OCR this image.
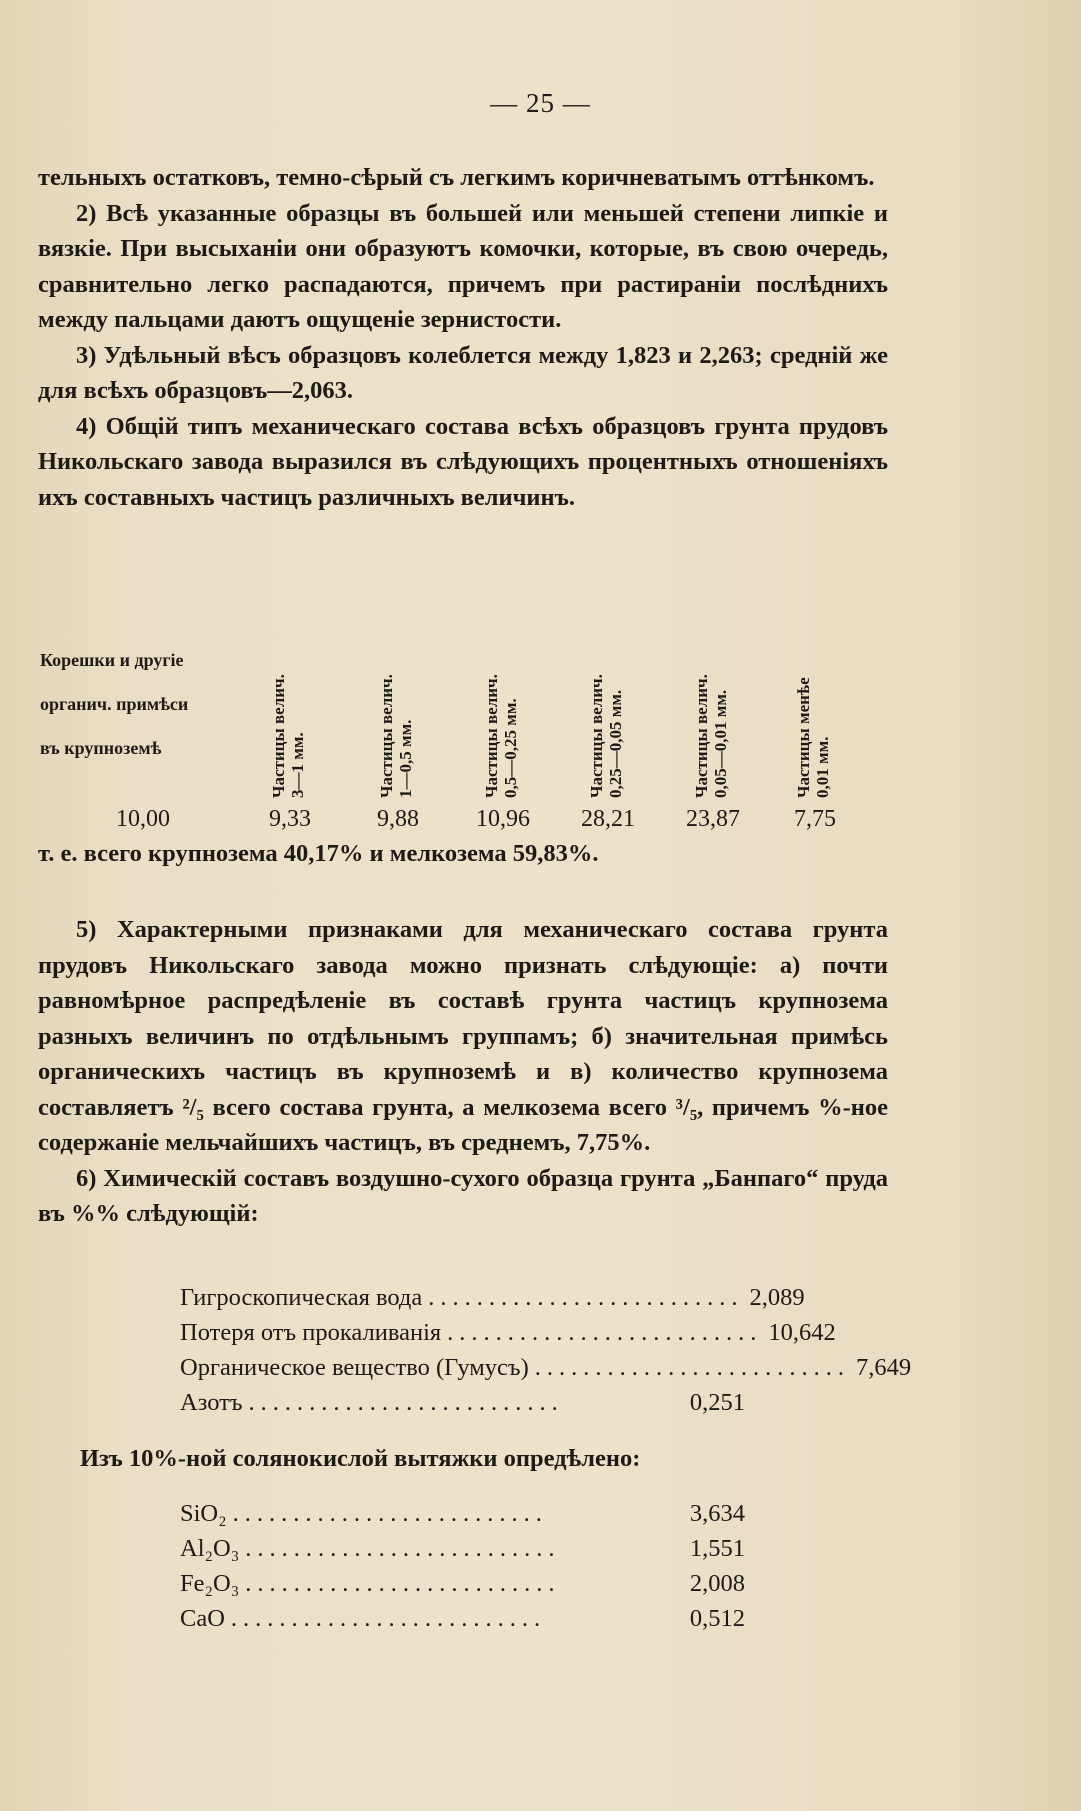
— 25 —

тельныхъ остатковъ, темно-сѣрый съ легкимъ коричневатымъ оттѣнкомъ.

2) Всѣ указанные образцы въ большей или меньшей степени липкіе и вязкіе. При высыханіи они образуютъ комочки, которые, въ свою очередь, сравнительно легко распадаются, причемъ при растираніи послѣднихъ между пальцами даютъ ощущеніе зернистости.

3) Удѣльный вѣсъ образцовъ колеблется между 1,823 и 2,263; средній же для всѣхъ образцовъ—2,063.

4) Общій типъ механическаго состава всѣхъ образцовъ грунта прудовъ Никольскаго завода выразился въ слѣдующихъ процентныхъ отношеніяхъ ихъ составныхъ частицъ различныхъ величинъ.

Корешки и другіе
органич. примѣси
въ крупноземѣ	Частицы велич. 3—1 мм.	Частицы велич. 1—0,5 мм.	Частицы велич. 0,5—0,25 мм.	Частицы велич. 0,25—0,05 мм.	Частицы велич. 0,05—0,01 мм.	Частицы менѣе 0,01 мм.
10,00	9,33	9,88	10,96	28,21	23,87	7,75
т. е. всего крупнозема 40,17% и мелкозема 59,83%.

5) Характерными признаками для механическаго состава грунта прудовъ Никольскаго завода можно признать слѣдующіе: а) почти равномѣрное распредѣленіе въ составѣ грунта частицъ крупнозема разныхъ величинъ по отдѣльнымъ группамъ; б) значительная примѣсь органическихъ частицъ въ крупноземѣ и в) количество крупнозема составляетъ ²/₅ всего состава грунта, а мелкозема всего ³/₅, причемъ %-ное содержаніе мельчайшихъ частицъ, въ среднемъ, 7,75%.

6) Химическій составъ воздушно-сухого образца грунта „Банпаго“ пруда въ %% слѣдующій:

Гигроскопическая вода .......................... 2,089
Потеря отъ прокаливанія .......................... 10,642
Органическое вещество (Гумусъ) .......................... 7,649
Азотъ ..........................	0,251
Изъ 10%-ной солянокислой вытяжки опредѣлено:
SiO₂ ..........................	3,634
Al₂O₃ ..........................	1,551
Fe₂O₃ ..........................	2,008
CaO ..........................	0,512
